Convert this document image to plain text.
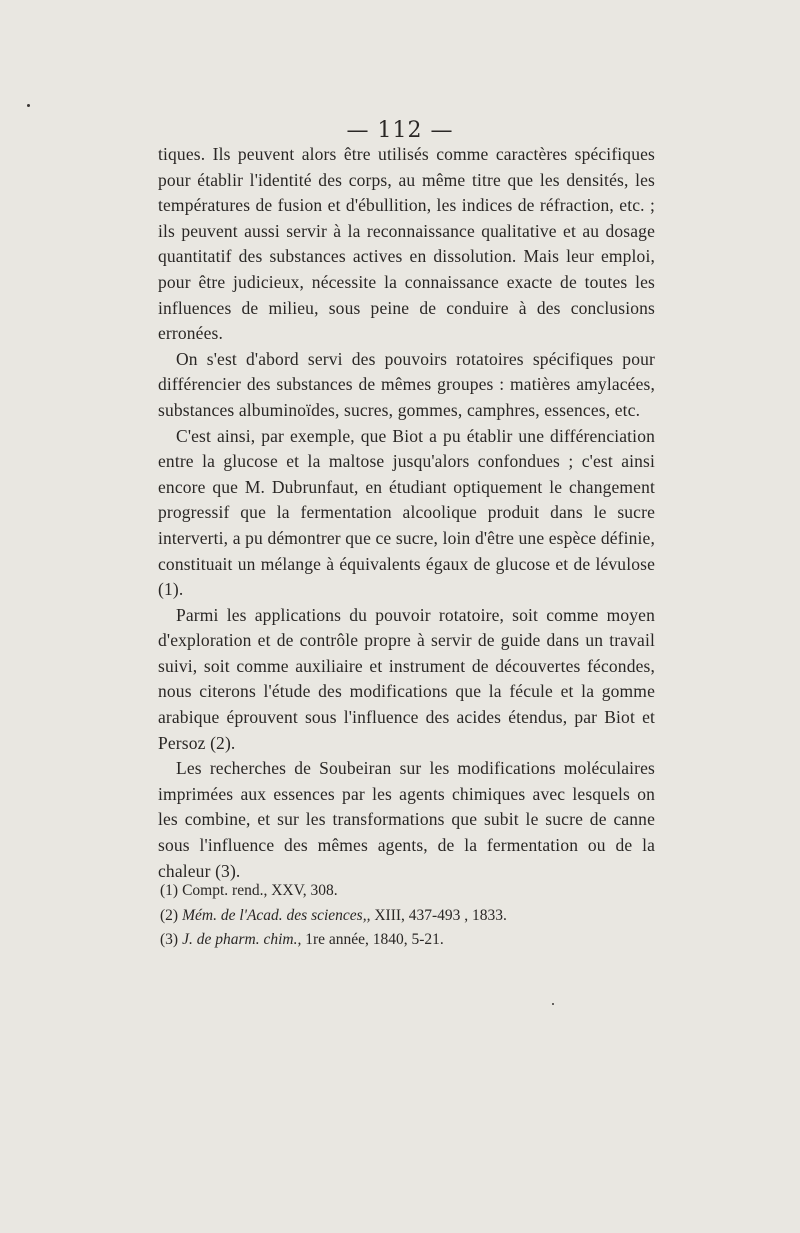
— 112 —

tiques. Ils peuvent alors être utilisés comme caractères spécifiques pour établir l'identité des corps, au même titre que les densités, les températures de fusion et d'ébullition, les indices de réfraction, etc. ; ils peuvent aussi servir à la reconnaissance qualitative et au dosage quantitatif des substances actives en dissolution. Mais leur emploi, pour être judicieux, nécessite la connaissance exacte de toutes les influences de milieu, sous peine de conduire à des conclusions erronées.

On s'est d'abord servi des pouvoirs rotatoires spécifiques pour différencier des substances de mêmes groupes : matières amylacées, substances albuminoïdes, sucres, gommes, camphres, essences, etc.

C'est ainsi, par exemple, que Biot a pu établir une différenciation entre la glucose et la maltose jusqu'alors confondues ; c'est ainsi encore que M. Dubrunfaut, en étudiant optiquement le changement progressif que la fermentation alcoolique produit dans le sucre interverti, a pu démontrer que ce sucre, loin d'être une espèce définie, constituait un mélange à équivalents égaux de glucose et de lévulose (1).

Parmi les applications du pouvoir rotatoire, soit comme moyen d'exploration et de contrôle propre à servir de guide dans un travail suivi, soit comme auxiliaire et instrument de découvertes fécondes, nous citerons l'étude des modifications que la fécule et la gomme arabique éprouvent sous l'influence des acides étendus, par Biot et Persoz (2).

Les recherches de Soubeiran sur les modifications moléculaires imprimées aux essences par les agents chimiques avec lesquels on les combine, et sur les transformations que subit le sucre de canne sous l'influence des mêmes agents, de la fermentation ou de la chaleur (3).

(1) Compt. rend., XXV, 308.

(2) Mém. de l'Acad. des sciences,, XIII, 437-493 , 1833.

(3) J. de pharm. chim., 1re année, 1840, 5-21.
